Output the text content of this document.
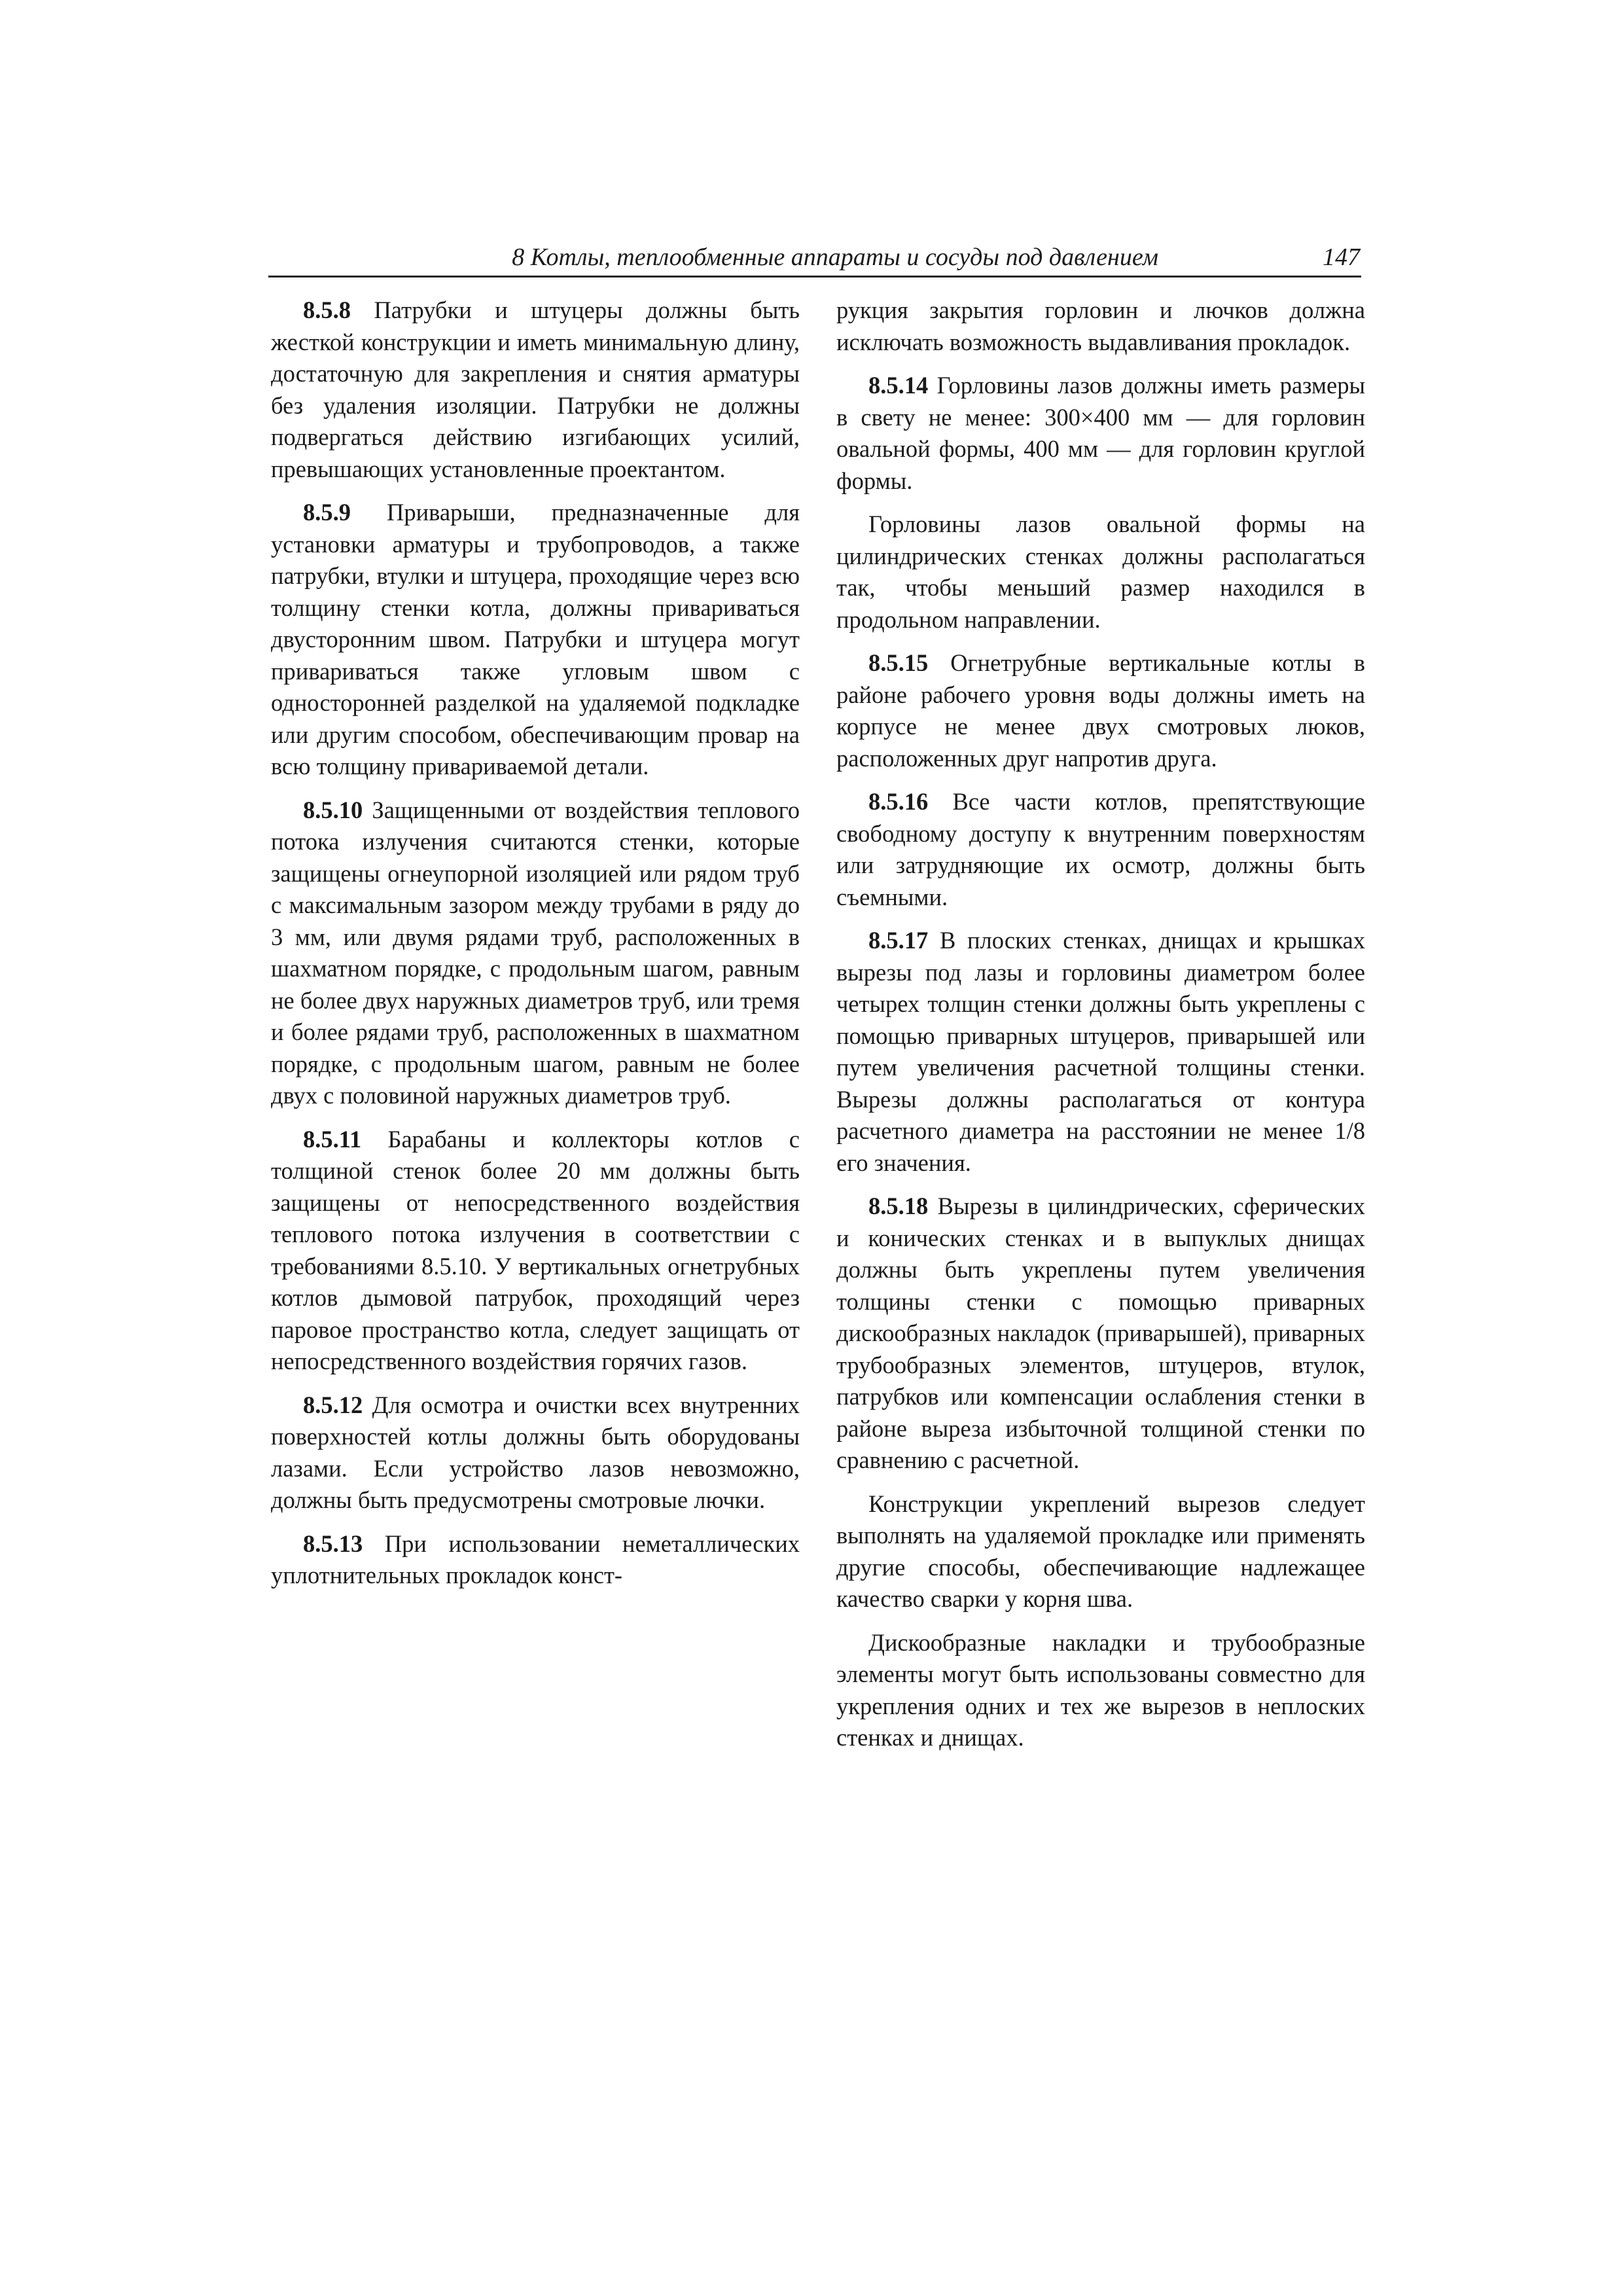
8 Котлы, теплообменные аппараты и сосуды под давлением	147

8.5.8 Патрубки и штуцеры должны быть жесткой конструкции и иметь минимальную длину, достаточную для закрепления и снятия арматуры без удаления изоляции. Патрубки не должны подвергаться действию изгибающих усилий, превышающих установленные проектантом.

8.5.9 Приварыши, предназначенные для установки арматуры и трубопроводов, а также патрубки, втулки и штуцера, проходящие через всю толщину стенки котла, должны привариваться двусторонним швом. Патрубки и штуцера могут привариваться также угловым швом с односторонней разделкой на удаляемой подкладке или другим способом, обеспечивающим провар на всю толщину привариваемой детали.

8.5.10 Защищенными от воздействия теплового потока излучения считаются стенки, которые защищены огнеупорной изоляцией или рядом труб с максимальным зазором между трубами в ряду до 3 мм, или двумя рядами труб, расположенных в шахматном порядке, с продольным шагом, равным не более двух наружных диаметров труб, или тремя и более рядами труб, расположенных в шахматном порядке, с продольным шагом, равным не более двух с половиной наружных диаметров труб.

8.5.11 Барабаны и коллекторы котлов с толщиной стенок более 20 мм должны быть защищены от непосредственного воздействия теплового потока излучения в соответствии с требованиями 8.5.10. У вертикальных огнетрубных котлов дымовой патрубок, проходящий через паровое пространство котла, следует защищать от непосредственного воздействия горячих газов.

8.5.12 Для осмотра и очистки всех внутренних поверхностей котлы должны быть оборудованы лазами. Если устройство лазов невозможно, должны быть предусмотрены смотровые лючки.

8.5.13 При использовании неметаллических уплотнительных прокладок конст-

рукция закрытия горловин и лючков должна исключать возможность выдавливания прокладок.

8.5.14 Горловины лазов должны иметь размеры в свету не менее: 300×400 мм — для горловин овальной формы, 400 мм — для горловин круглой формы.

Горловины лазов овальной формы на цилиндрических стенках должны располагаться так, чтобы меньший размер находился в продольном направлении.

8.5.15 Огнетрубные вертикальные котлы в районе рабочего уровня воды должны иметь на корпусе не менее двух смотровых люков, расположенных друг напротив друга.

8.5.16 Все части котлов, препятствующие свободному доступу к внутренним поверхностям или затрудняющие их осмотр, должны быть съемными.

8.5.17 В плоских стенках, днищах и крышках вырезы под лазы и горловины диаметром более четырех толщин стенки должны быть укреплены с помощью приварных штуцеров, приварышей или путем увеличения расчетной толщины стенки. Вырезы должны располагаться от контура расчетного диаметра на расстоянии не менее 1/8 его значения.

8.5.18 Вырезы в цилиндрических, сферических и конических стенках и в выпуклых днищах должны быть укреплены путем увеличения толщины стенки с помощью приварных дискообразных накладок (приварышей), приварных трубообразных элементов, штуцеров, втулок, патрубков или компенсации ослабления стенки в районе выреза избыточной толщиной стенки по сравнению с расчетной.

Конструкции укреплений вырезов следует выполнять на удаляемой прокладке или применять другие способы, обеспечивающие надлежащее качество сварки у корня шва.

Дискообразные накладки и трубообразные элементы могут быть использованы совместно для укрепления одних и тех же вырезов в неплоских стенках и днищах.
